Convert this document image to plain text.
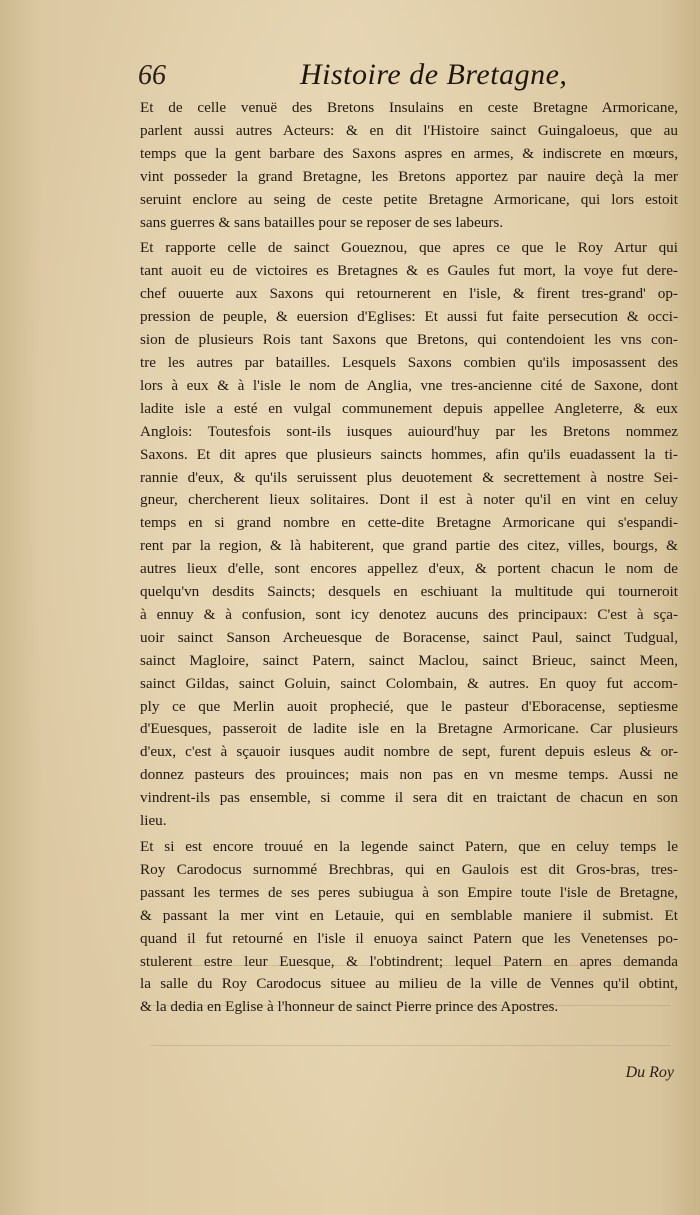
66	Histoire de Bretagne,
Et de celle venuë des Bretons Insulains en ceste Bretagne Armoricane,
parlent aussi autres Acteurs: & en dit l'Histoire sainct Guingaloeus, que au
temps que la gent barbare des Saxons aspres en armes, & indiscrete en mœurs,
vint posseder la grand Bretagne, les Bretons apportez par nauire deçà la mer
seruint enclore au seing de ceste petite Bretagne Armoricane, qui lors estoit
sans guerres & sans batailles pour se reposer de ses labeurs.
Et rapporte celle de sainct Goueznou, que apres ce que le Roy Artur qui
tant auoit eu de victoires es Bretagnes & es Gaules fut mort, la voye fut dere-
chef ouuerte aux Saxons qui retournerent en l'isle, & firent tres-grand' op-
pression de peuple, & euersion d'Eglises: Et aussi fut faite persecution & occi-
sion de plusieurs Rois tant Saxons que Bretons, qui contendoient les vns con-
tre les autres par batailles. Lesquels Saxons combien qu'ils imposassent des
lors à eux & à l'isle le nom de Anglia, vne tres-ancienne cité de Saxone, dont
ladite isle a esté en vulgal communement depuis appellee Angleterre, & eux
Anglois: Toutesfois sont-ils iusques auiourd'huy par les Bretons nommez
Saxons. Et dit apres que plusieurs saincts hommes, afin qu'ils euadassent la ti-
rannie d'eux, & qu'ils seruissent plus deuotement & secrettement à nostre Sei-
gneur, chercherent lieux solitaires. Dont il est à noter qu'il en vint en celuy
temps en si grand nombre en cette-dite Bretagne Armoricane qui s'espandi-
rent par la region, & là habiterent, que grand partie des citez, villes, bourgs, &
autres lieux d'elle, sont encores appellez d'eux, & portent chacun le nom de
quelqu'vn desdits Saincts; desquels en eschiuant la multitude qui tourneroit
à ennuy & à confusion, sont icy denotez aucuns des principaux: C'est à sça-
uoir sainct Sanson Archeuesque de Boracense, sainct Paul, sainct Tudgual,
sainct Magloire, sainct Patern, sainct Maclou, sainct Brieuc, sainct Meen,
sainct Gildas, sainct Goluin, sainct Colombain, & autres. En quoy fut accom-
ply ce que Merlin auoit prophecié, que le pasteur d'Eboracense, septiesme
d'Euesques, passeroit de ladite isle en la Bretagne Armoricane. Car plusieurs
d'eux, c'est à sçauoir iusques audit nombre de sept, furent depuis esleus & or-
donnez pasteurs des prouinces; mais non pas en vn mesme temps. Aussi ne
vindrent-ils pas ensemble, si comme il sera dit en traictant de chacun en son
lieu.
Et si est encore trouué en la legende sainct Patern, que en celuy temps le
Roy Carodocus surnommé Brechbras, qui en Gaulois est dit Gros-bras, tres-
passant les termes de ses peres subiugua à son Empire toute l'isle de Bretagne,
& passant la mer vint en Letauie, qui en semblable maniere il submist. Et
quand il fut retourné en l'isle il enuoya sainct Patern que les Venetenses po-
stulerent estre leur Euesque, & l'obtindrent; lequel Patern en apres demanda
la salle du Roy Carodocus situee au milieu de la ville de Vennes qu'il obtint,
& la dedia en Eglise à l'honneur de sainct Pierre prince des Apostres.
Du Roy
